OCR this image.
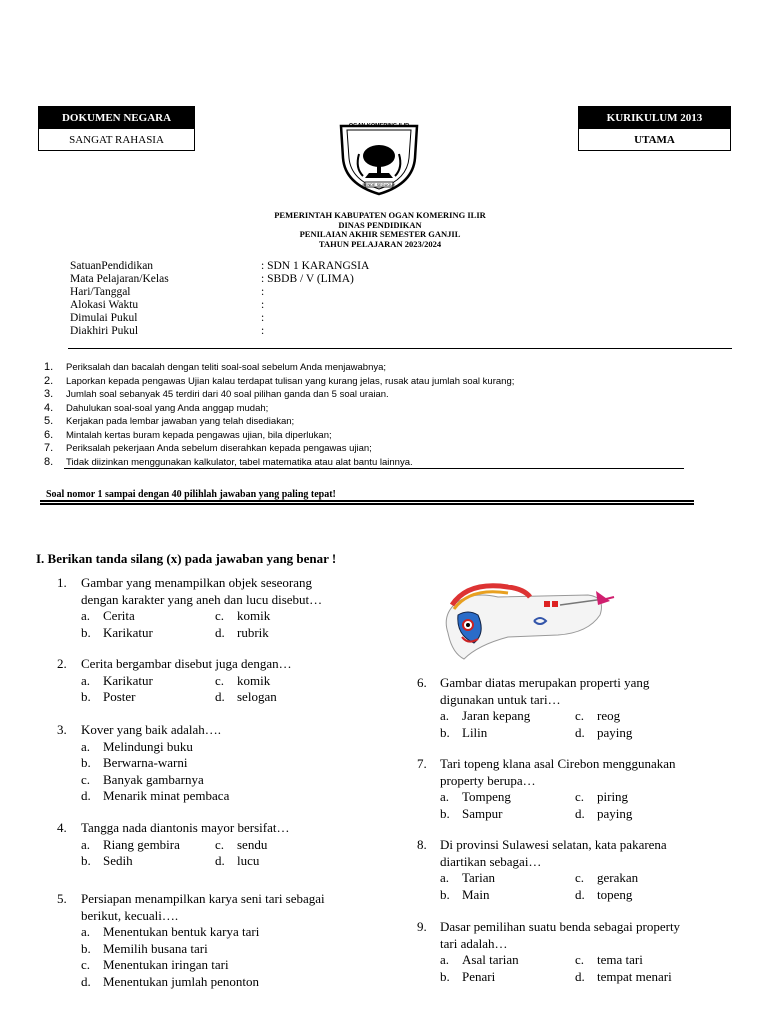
DOKUMEN NEGARA
SANGAT RAHASIA
KURIKULUM 2013
UTAMA
OGAN KOMERING ILIR
BENDE SEGUGUK
PEMERINTAH KABUPATEN OGAN KOMERING ILIR
DINAS PENDIDIKAN
PENILAIAN AKHIR SEMESTER GANJIL
TAHUN PELAJARAN 2023/2024
SatuanPendidikan	: SDN 1 KARANGSIA
Mata Pelajaran/Kelas	: SBDB / V (LIMA)
Hari/Tanggal	:
Alokasi Waktu	:
Dimulai Pukul	:
Diakhiri Pukul	:
1. Periksalah dan bacalah dengan teliti soal-soal sebelum Anda menjawabnya;
2. Laporkan kepada pengawas Ujian kalau terdapat tulisan yang kurang jelas, rusak atau jumlah soal kurang;
3. Jumlah soal sebanyak 45 terdiri dari 40 soal pilihan ganda dan 5 soal uraian.
4. Dahulukan soal-soal yang Anda anggap mudah;
5. Kerjakan pada lembar jawaban yang telah disediakan;
6. Mintalah kertas buram kepada pengawas ujian, bila diperlukan;
7. Periksalah pekerjaan Anda sebelum diserahkan kepada pengawas ujian;
8. Tidak diizinkan menggunakan kalkulator, tabel matematika atau alat bantu lainnya.
Soal nomor 1 sampai dengan 40 pilihlah jawaban yang paling tepat!
I. Berikan tanda silang (x) pada jawaban yang benar !
1. Gambar yang menampilkan objek seseorang
dengan karakter yang aneh dan lucu disebut…
a. Cerita	c. komik
b. Karikatur	d. rubrik
2. Cerita bergambar disebut juga dengan…
a. Karikatur	c. komik
b. Poster	d. selogan
3. Kover yang baik adalah….
a. Melindungi buku
b. Berwarna-warni
c. Banyak gambarnya
d. Menarik minat pembaca
4. Tangga nada diantonis mayor bersifat…
a. Riang gembira	c. sendu
b. Sedih	d. lucu
5. Persiapan menampilkan karya seni tari sebagai
berikut, kecuali….
a. Menentukan bentuk karya tari
b. Memilih busana tari
c. Menentukan iringan tari
d. Menentukan jumlah penonton
6. Gambar diatas merupakan properti yang
digunakan untuk tari…
a. Jaran kepang	c. reog
b. Lilin	d. paying
7. Tari topeng klana asal Cirebon menggunakan
property berupa…
a. Tompeng	c. piring
b. Sampur	d. paying
8. Di provinsi Sulawesi selatan, kata pakarena
diartikan sebagai…
a. Tarian	c. gerakan
b. Main	d. topeng
9. Dasar pemilihan suatu benda sebagai property
tari adalah…
a. Asal tarian	c. tema tari
b. Penari	d. tempat menari
